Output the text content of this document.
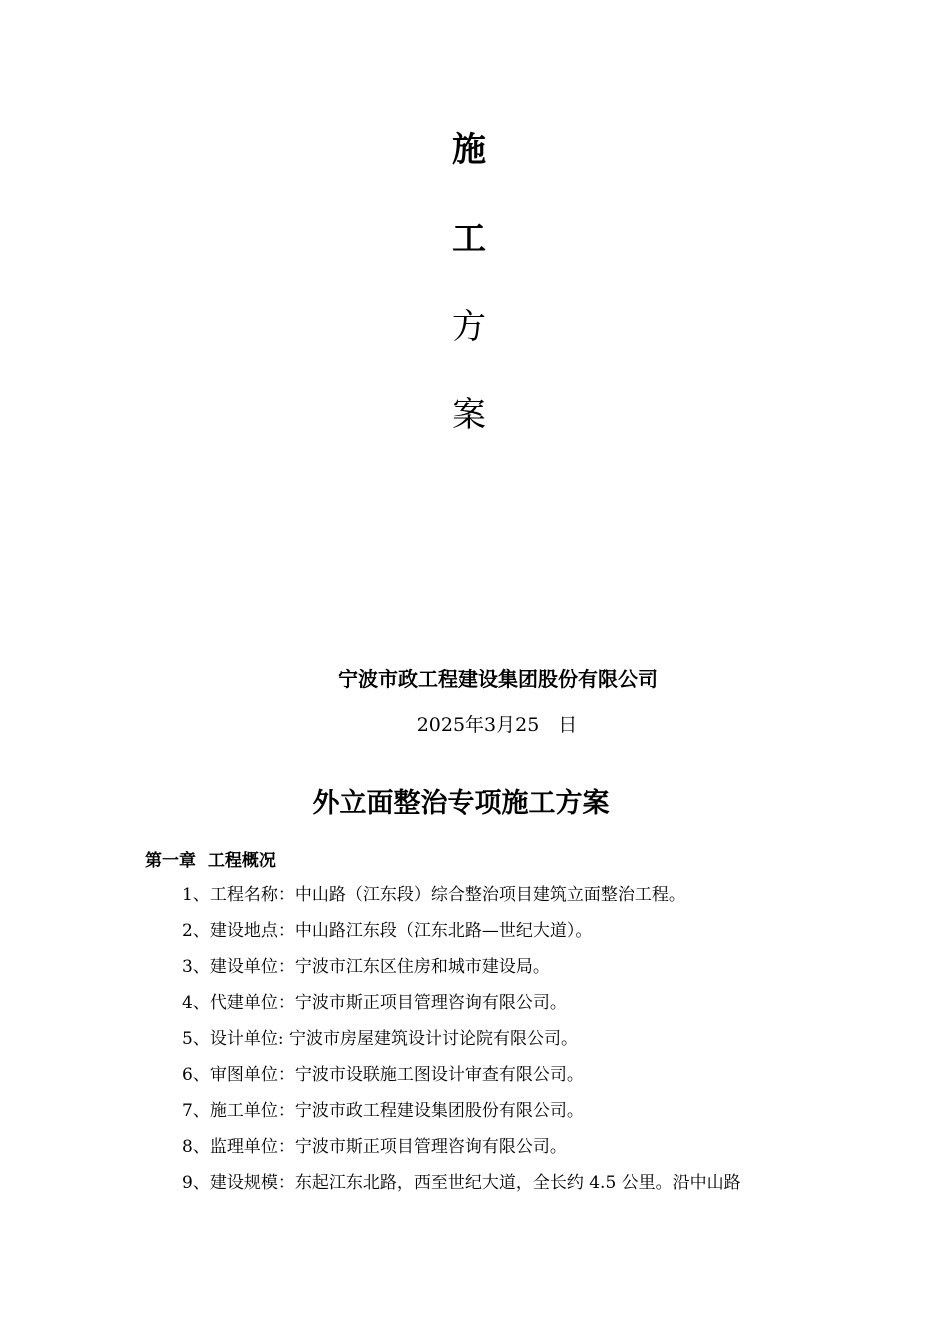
施
工
方
案
宁波市政工程建设集团股份有限公司
2025年3月25　日
外立面整治专项施工方案
第一章  工程概况
1、工程名称：中山路（江东段）综合整治项目建筑立面整治工程。
2、建设地点：中山路江东段（江东北路—世纪大道）。
3、建设单位：宁波市江东区住房和城市建设局。
4、代建单位：宁波市斯正项目管理咨询有限公司。
5、设计单位: 宁波市房屋建筑设计讨论院有限公司。
6、审图单位：宁波市设联施工图设计审查有限公司。
7、施工单位：宁波市政工程建设集团股份有限公司。
8、监理单位：宁波市斯正项目管理咨询有限公司。
9、建设规模：东起江东北路，西至世纪大道，全长约 4.5 公里。沿中山路
